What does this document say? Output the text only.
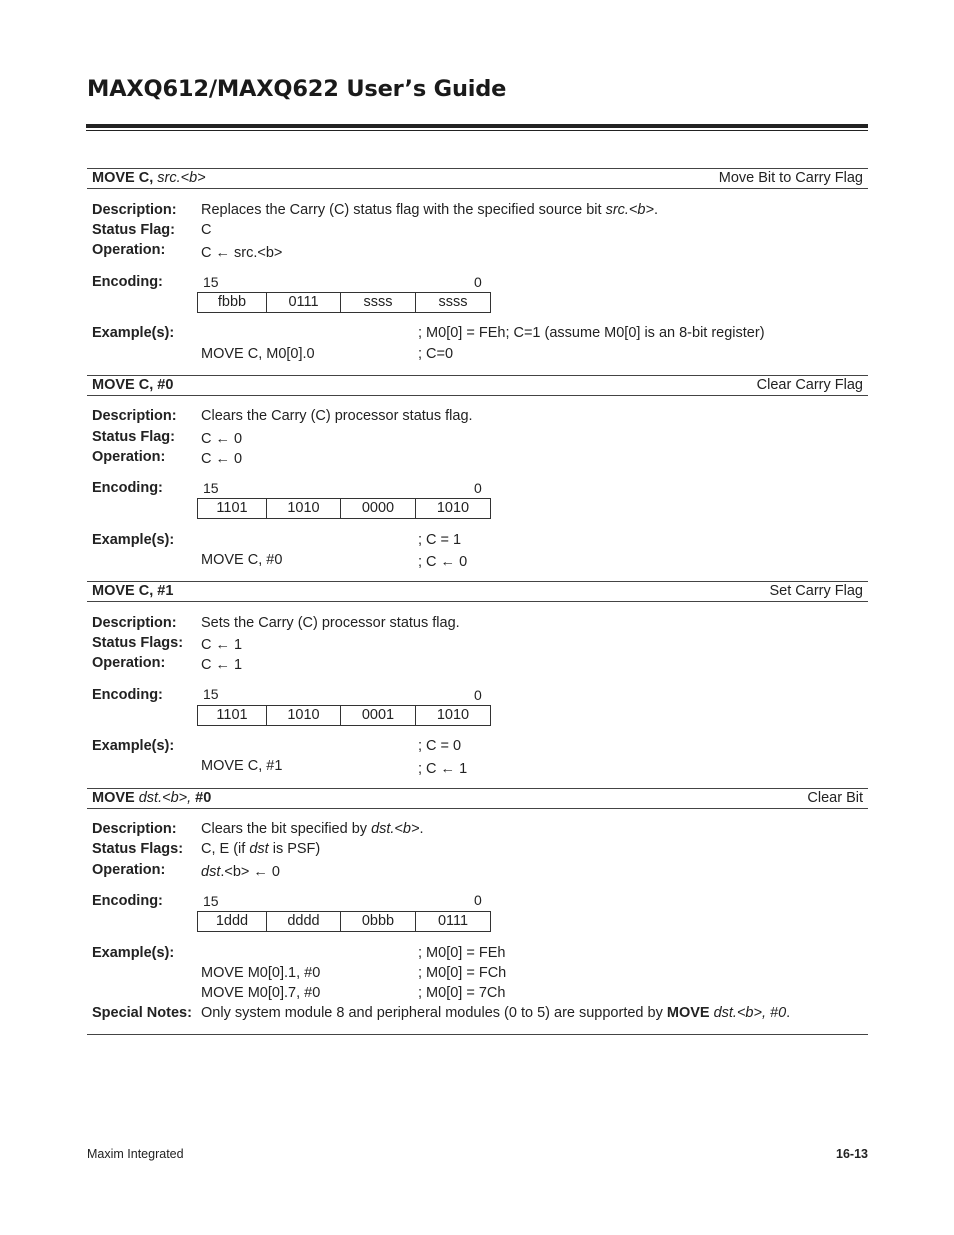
MAXQ612/MAXQ622 User’s Guide
MOVE C, src.<b>	Move Bit to Carry Flag
Description: Replaces the Carry (C) status flag with the specified source bit src.<b>.
Status Flag: C
Operation: C ← src.<b>
Encoding:	15	0
fbbb	0111	ssss	ssss
Example(s):	; M0[0] = FEh; C=1 (assume M0[0] is an 8-bit register)
MOVE C, M0[0].0	; C=0
MOVE C, #0	Clear Carry Flag
Description: Clears the Carry (C) processor status flag.
Status Flag: C ← 0
Operation: C ← 0
Encoding:	15	0
1101	1010	0000	1010
Example(s):	; C = 1
MOVE C, #0	; C ← 0
MOVE C, #1	Set Carry Flag
Description: Sets the Carry (C) processor status flag.
Status Flags: C ← 1
Operation: C ← 1
Encoding:	15	0
1101	1010	0001	1010
Example(s):	; C = 0
MOVE C, #1	; C ← 1
MOVE dst.<b>, #0	Clear Bit
Description: Clears the bit specified by dst.<b>.
Status Flags: C, E (if dst is PSF)
Operation: dst.<b> ← 0
Encoding:	15	0
1ddd	dddd	0bbb	0111
Example(s):	; M0[0] = FEh
MOVE M0[0].1, #0	; M0[0] = FCh
MOVE M0[0].7, #0	; M0[0] = 7Ch
Special Notes: Only system module 8 and peripheral modules (0 to 5) are supported by MOVE dst.<b>, #0.
Maxim Integrated	16-13
